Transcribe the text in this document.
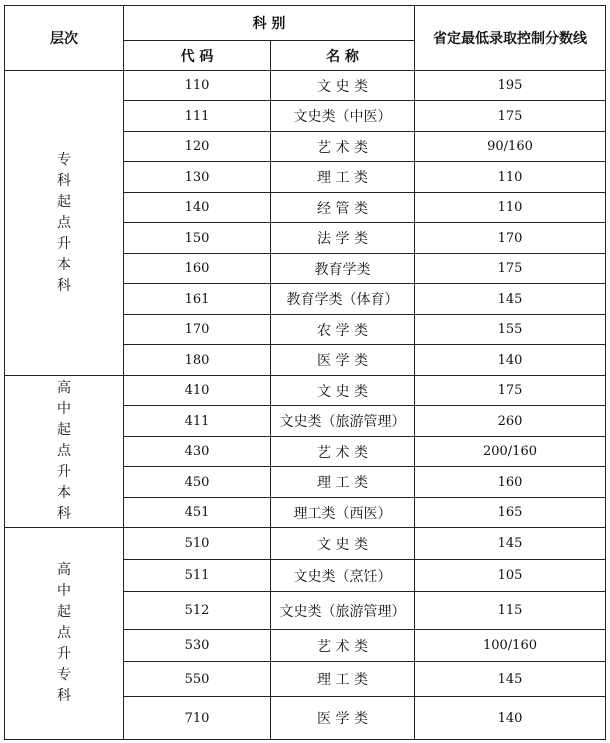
层次	科 别		省定最低录取控制分数线
	代 码	名 称	
专科起点升本科	110	文 史 类	195
	111	文史类（中医）	175
	120	艺 术 类	90/160
	130	理 工 类	110
	140	经 管 类	110
	150	法 学 类	170
	160	教育学类	175
	161	教育学类（体育）	145
	170	农 学 类	155
	180	医 学 类	140
高中起点升本科	410	文 史 类	175
	411	文史类（旅游管理）	260
	430	艺 术 类	200/160
	450	理 工 类	160
	451	理工类（西医）	165
高中起点升专科	510	文 史 类	145
	511	文史类（烹饪）	105
	512	文史类（旅游管理）	115
	530	艺 术 类	100/160
	550	理 工 类	145
	710	医 学 类	140
